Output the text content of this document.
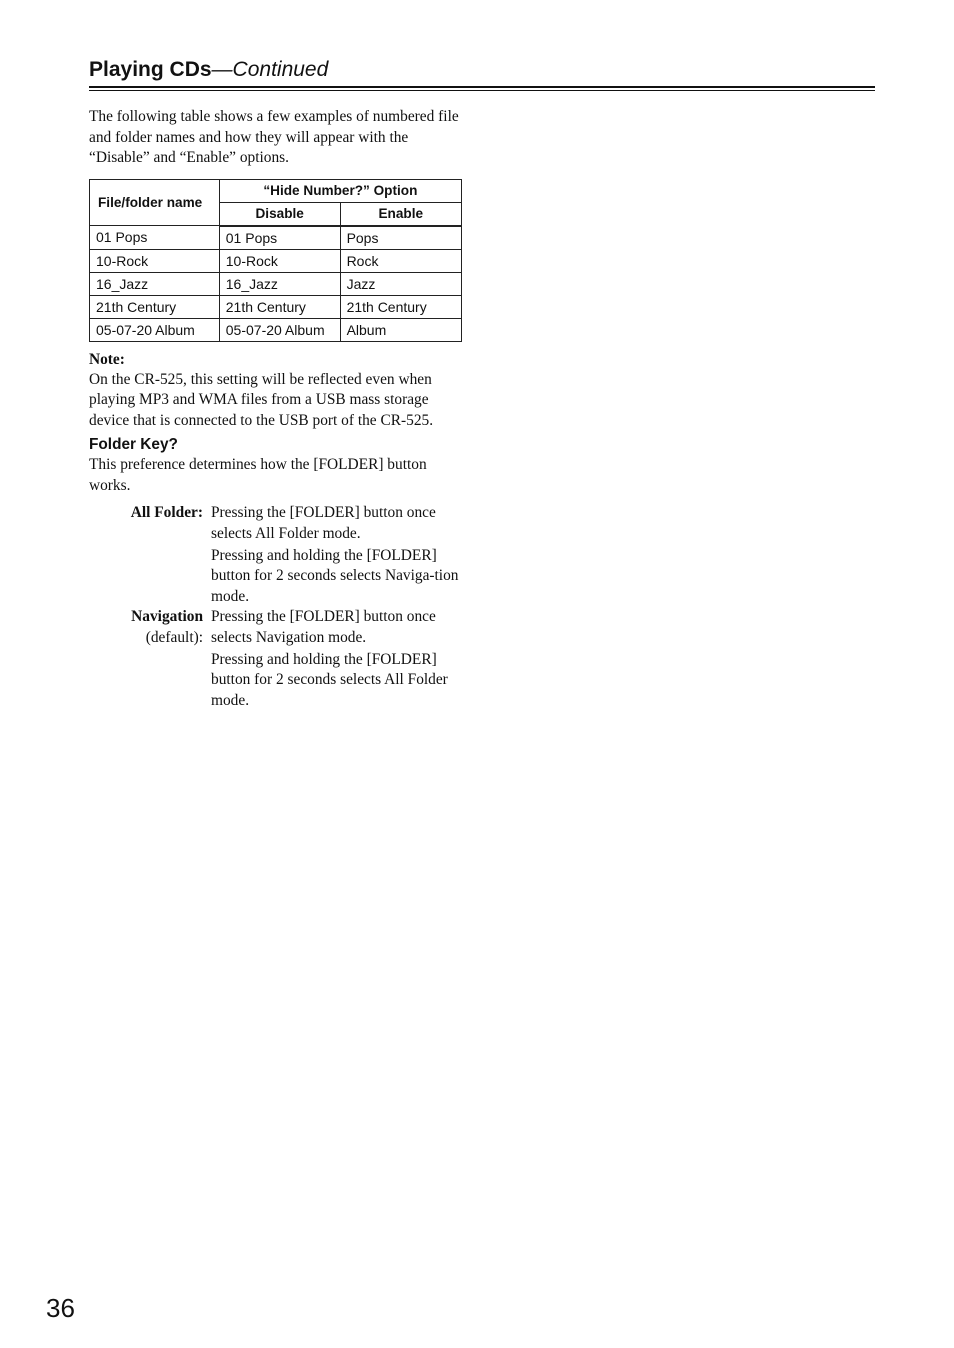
Playing CDs—Continued

The following table shows a few examples of numbered file and folder names and how they will appear with the “Disable” and “Enable” options.

File/folder name	“Hide Number?” Option	
	Disable	Enable
01 Pops	01 Pops	Pops
10-Rock	10-Rock	Rock
16_Jazz	16_Jazz	Jazz
21th Century	21th Century	21th Century
05-07-20 Album	05-07-20 Album	Album
Note:

On the CR-525, this setting will be reflected even when playing MP3 and WMA files from a USB mass storage device that is connected to the USB port of the CR-525.

Folder Key?

This preference determines how the [FOLDER] button works.

All Folder: Pressing the [FOLDER] button once selects All Folder mode.

Pressing and holding the [FOLDER] button for 2 seconds selects Naviga-tion mode.

Navigation
(default):

Pressing the [FOLDER] button once selects Navigation mode.

Pressing and holding the [FOLDER] button for 2 seconds selects All Folder mode.

36
